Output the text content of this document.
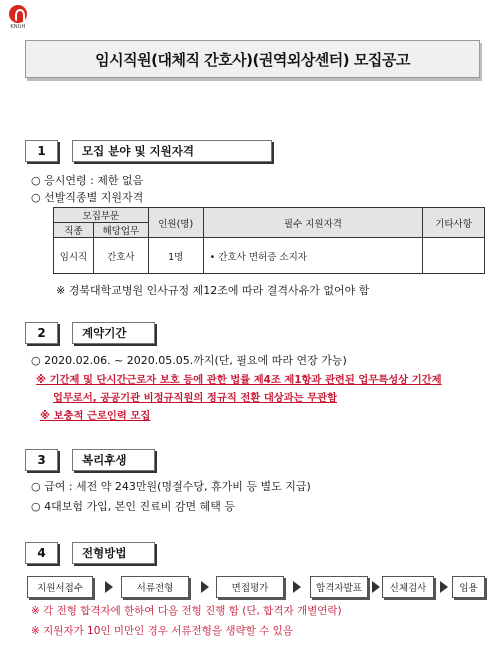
KNUH
임시직원(대체직 간호사)(권역외상센터) 모집공고
1	모집 분야 및 지원자격
○ 응시연령 : 제한 없음
○ 선발직종별 지원자격
모집부문		인원(명)	필수 지원자격	기타사항
직종	해당업무			
임시직	간호사	1명	• 간호사 면허증 소지자	
※ 경북대학교병원 인사규정 제12조에 따라 결격사유가 없어야 함
2	계약기간
○ 2020.02.06. ~ 2020.05.05.까지(단, 필요에 따라 연장 가능)
※ 기간제 및 단시간근로자 보호 등에 관한 법률 제4조 제1항과 관련된 업무특성상 기간제
업무로서, 공공기관 비정규직원의 정규직 전환 대상과는 무관함
※ 보충적 근로인력 모집
3	복리후생
○ 급여 : 세전 약 243만원(명절수당, 휴가비 등 별도 지급)
○ 4대보험 가입, 본인 진료비 감면 혜택 등
4	전형방법
지원서접수	서류전형	면접평가	합격자발표	신체검사	임용
※ 각 전형 합격자에 한하여 다음 전형 진행 함 (단, 합격자 개별연락)
※ 지원자가 10인 미만인 경우 서류전형을 생략할 수 있음
